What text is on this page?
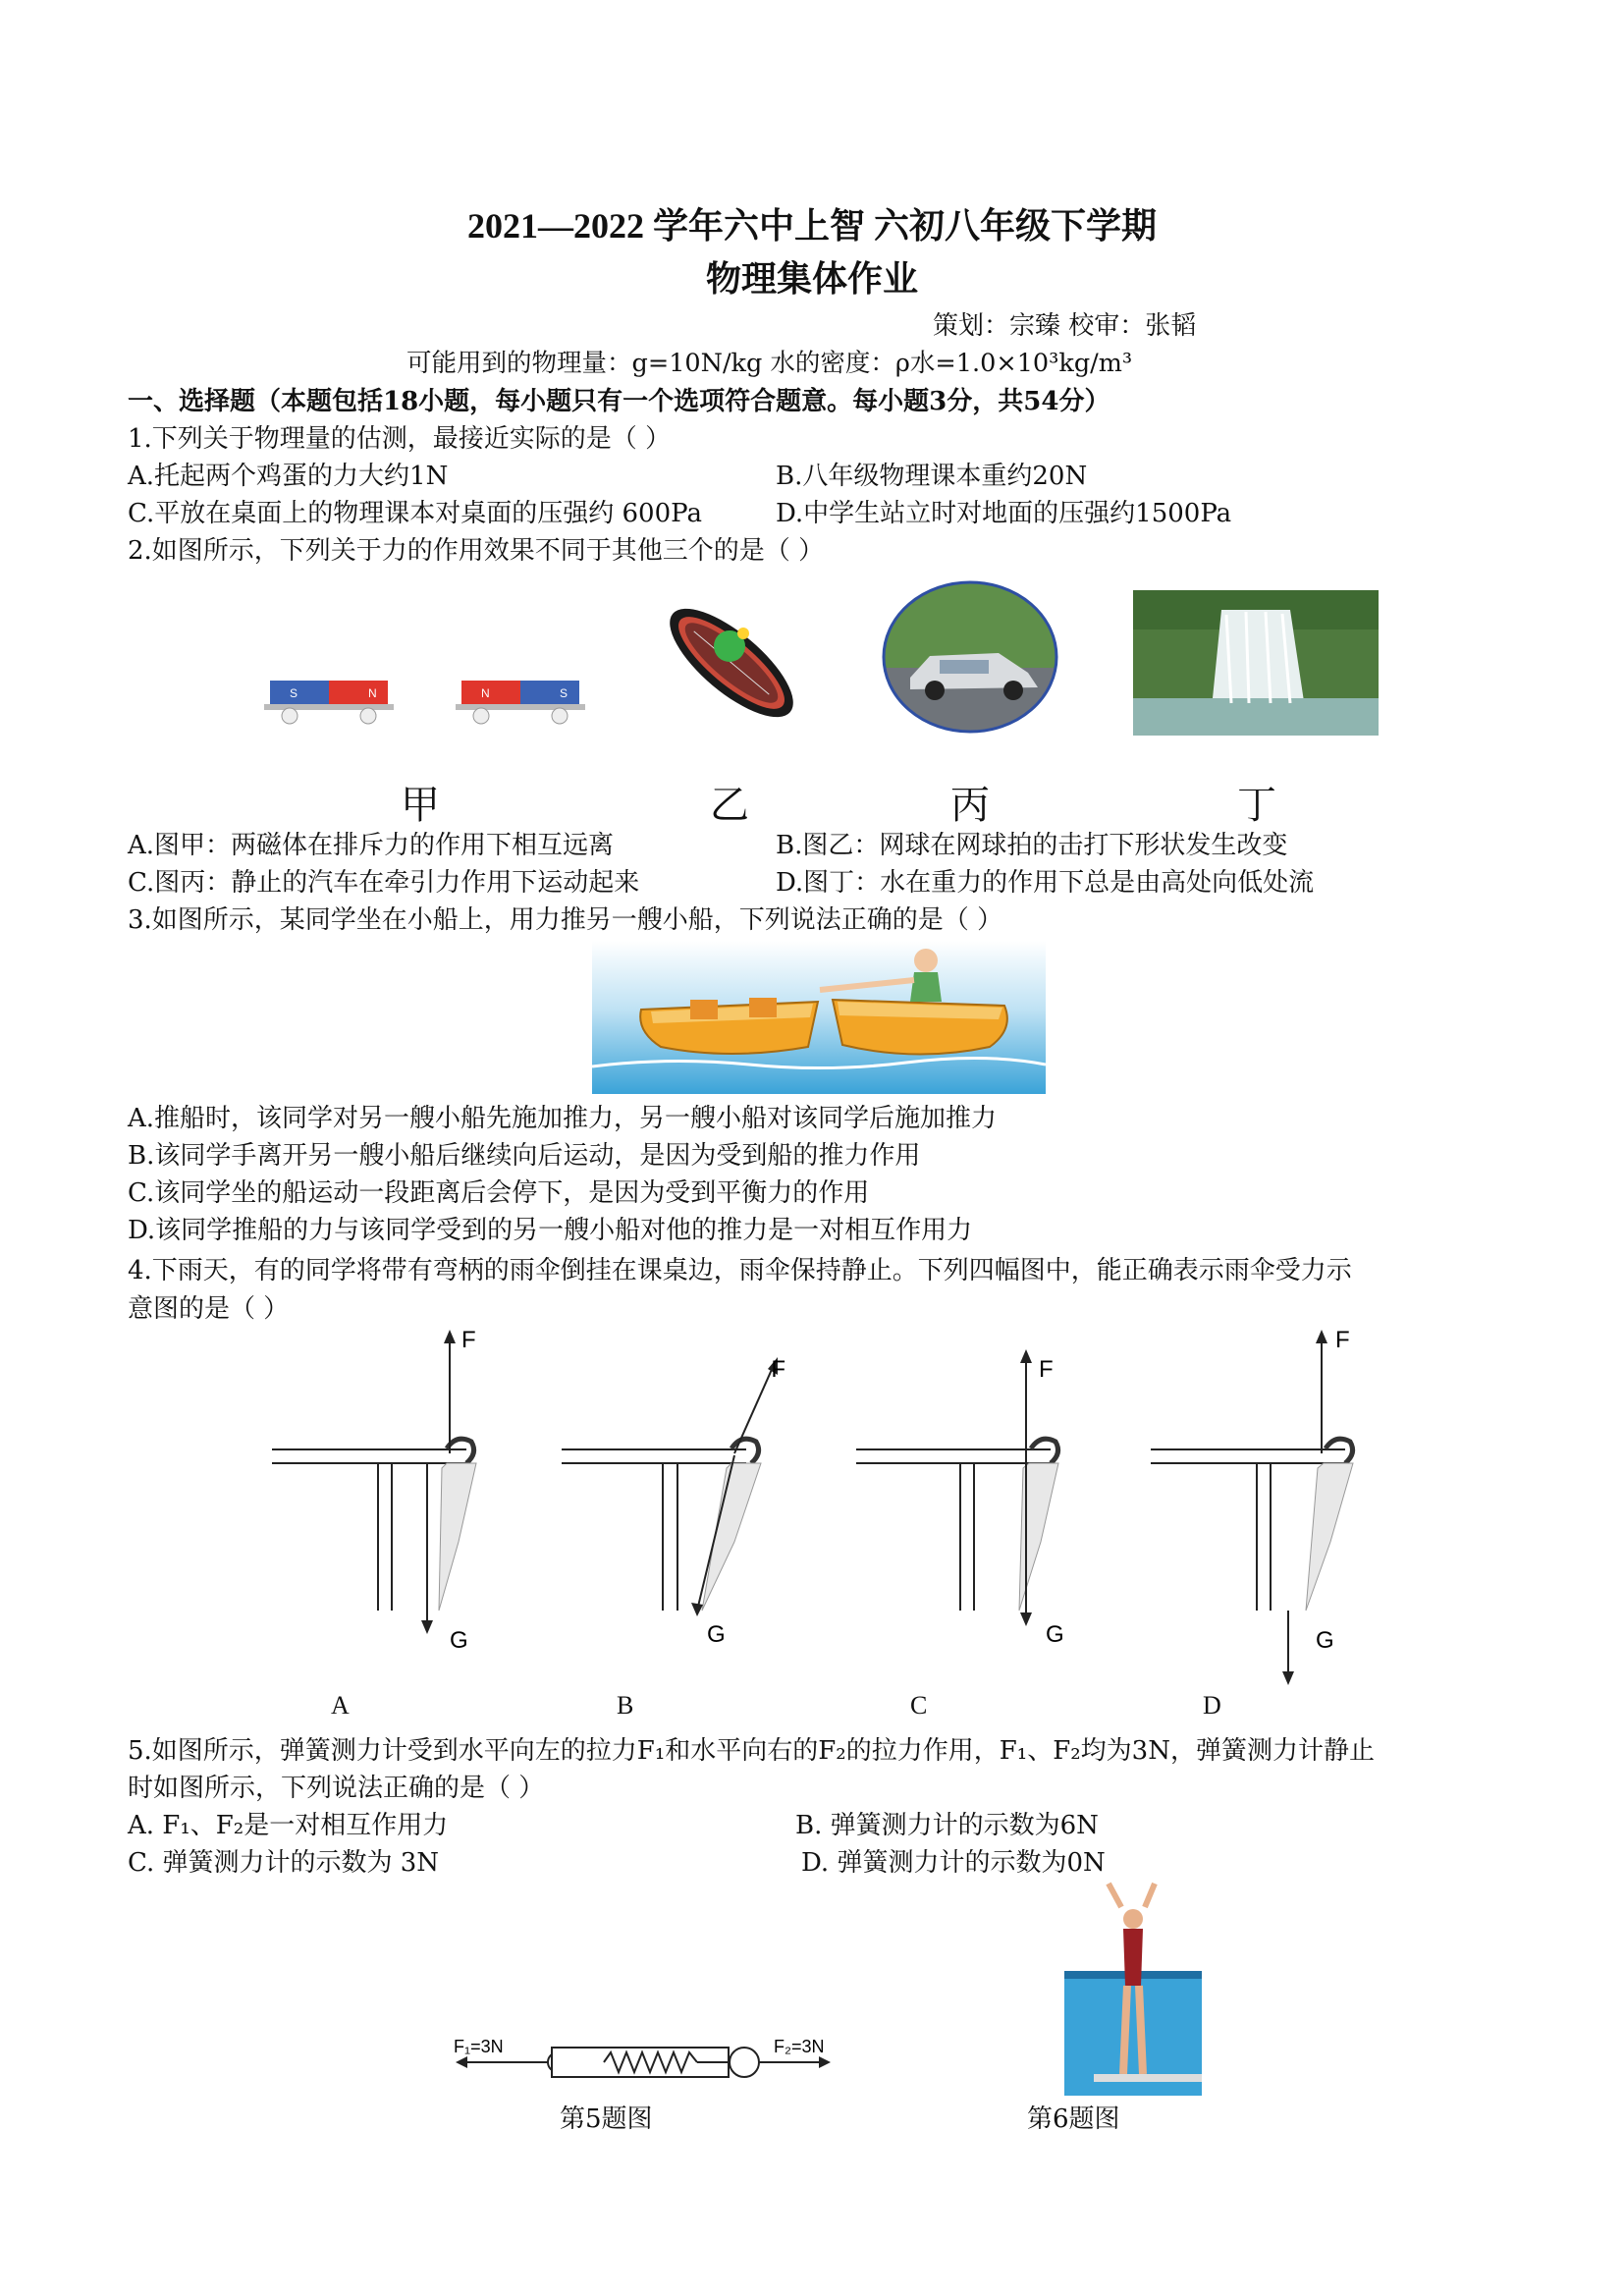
2021—2022 学年六中上智 六初八年级下学期
物理集体作业
策划：宗臻 校审：张韬
可能用到的物理量：g=10N/kg 水的密度：ρ水=1.0×10³kg/m³
一、选择题（本题包括18小题，每小题只有一个选项符合题意。每小题3分，共54分）
1.下列关于物理量的估测，最接近实际的是（ ）
A.托起两个鸡蛋的力大约1N	B.八年级物理课本重约20N
C.平放在桌面上的物理课本对桌面的压强约 600Pa	D.中学生站立时对地面的压强约1500Pa
2.如图所示，下列关于力的作用效果不同于其他三个的是（ ）
S	N	N	S
甲	乙	丙	丁
A.图甲：两磁体在排斥力的作用下相互远离	B.图乙：网球在网球拍的击打下形状发生改变
C.图丙：静止的汽车在牵引力作用下运动起来	D.图丁：水在重力的作用下总是由高处向低处流
3.如图所示，某同学坐在小船上，用力推另一艘小船，下列说法正确的是（ ）
A.推船时，该同学对另一艘小船先施加推力，另一艘小船对该同学后施加推力
B.该同学手离开另一艘小船后继续向后运动，是因为受到船的推力作用
C.该同学坐的船运动一段距离后会停下，是因为受到平衡力的作用
D.该同学推船的力与该同学受到的另一艘小船对他的推力是一对相互作用力
4.下雨天，有的同学将带有弯柄的雨伞倒挂在课桌边，雨伞保持静止。下列四幅图中，能正确表示雨伞受力示
意图的是（ ）
F
G
F
G
F
G
F
G
A	B	C	D
5.如图所示，弹簧测力计受到水平向左的拉力F₁和水平向右的F₂的拉力作用，F₁、F₂均为3N，弹簧测力计静止
时如图所示，下列说法正确的是（ ）
A. F₁、F₂是一对相互作用力	B. 弹簧测力计的示数为6N
C. 弹簧测力计的示数为 3N	D. 弹簧测力计的示数为0N
F₁=3N	F₂=3N
第5题图	第6题图
